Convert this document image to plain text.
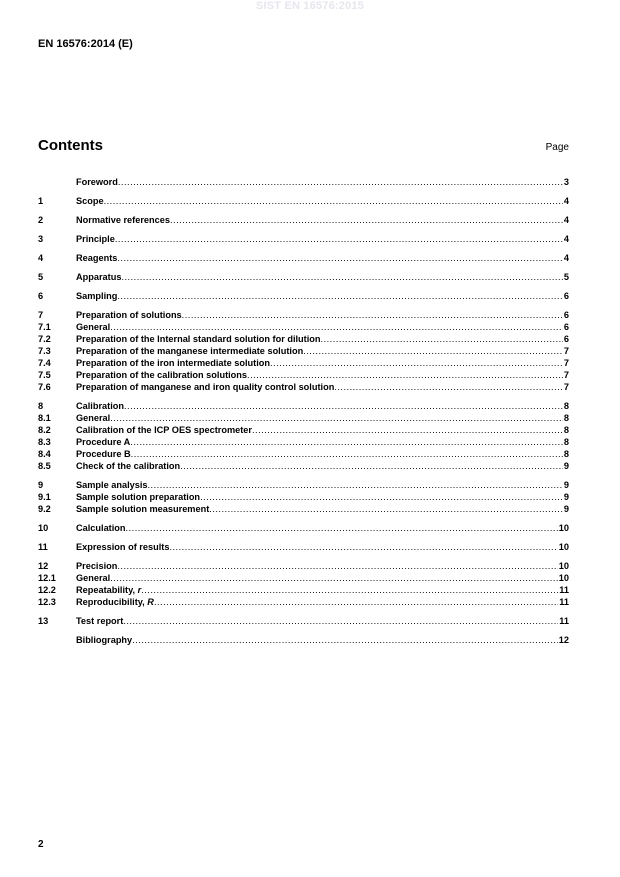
SIST EN 16576:2015
EN 16576:2014 (E)
Contents	Page
Foreword .....	3
1	Scope .....	4
2	Normative references .....	4
3	Principle .....	4
4	Reagents .....	4
5	Apparatus .....	5
6	Sampling .....	6
7	Preparation of solutions .....	6
7.1	General .....	6
7.2	Preparation of the Internal standard solution for dilution .....	6
7.3	Preparation of the manganese intermediate solution .....	7
7.4	Preparation of the iron intermediate solution .....	7
7.5	Preparation of the calibration solutions .....	7
7.6	Preparation of manganese and iron quality control solution .....	7
8	Calibration .....	8
8.1	General .....	8
8.2	Calibration of the ICP OES spectrometer .....	8
8.3	Procedure A .....	8
8.4	Procedure B .....	8
8.5	Check of the calibration .....	9
9	Sample analysis .....	9
9.1	Sample solution preparation .....	9
9.2	Sample solution measurement .....	9
10	Calculation .....	10
11	Expression of results .....	10
12	Precision .....	10
12.1	General .....	10
12.2	Repeatability, r .....	11
12.3	Reproducibility, R .....	11
13	Test report .....	11
Bibliography .....	12
2
